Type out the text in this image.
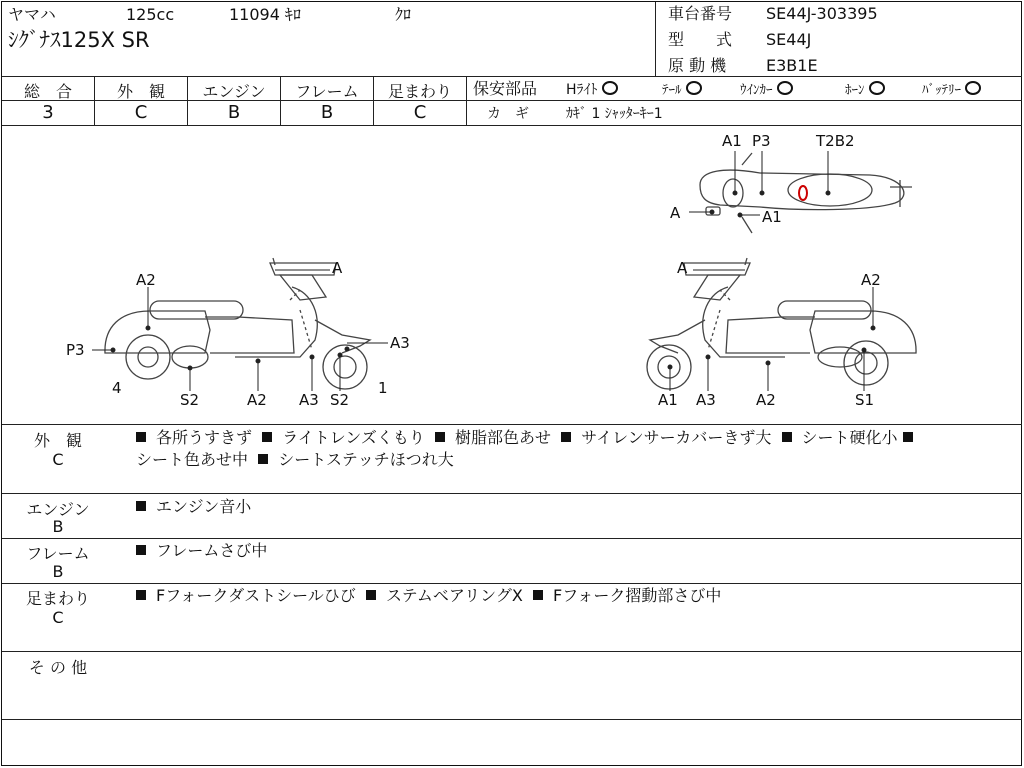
ヤマハ	125cc	11094 ｷﾛ	ｸﾛ
ｼｸﾞﾅｽ125X SR
車台番号 SE44J-303395
型　　式 SE44J
原 動 機 E3B1E
総　合	外　観	エンジン	フレーム	足まわり
3	C	B	B	C
保安部品 Hﾗｲﾄ	ﾃｰﾙ	ｳｲﾝｶｰ	ﾎｰﾝ	ﾊﾞｯﾃﾘｰ
カ　ギ	ｶｷﾞ 1 ｼｬｯﾀｰｷｰ1
A2
A
P3	A3
4
S2	A2 A3 S2
1
A
A2
A1 A3	A2	S1
A1 P3	T2B2
A	A1
外　観
C
各所うすきず ライトレンズくもり 樹脂部色あせ サイレンサーカバーきず大 シート硬化小
シート色あせ中 シートステッチほつれ大
エンジン
B
エンジン音小
フレーム
B
フレームさび中
足まわり
C
Fフォークダストシールひび ステムベアリングX Fフォーク摺動部さび中
そ の 他
